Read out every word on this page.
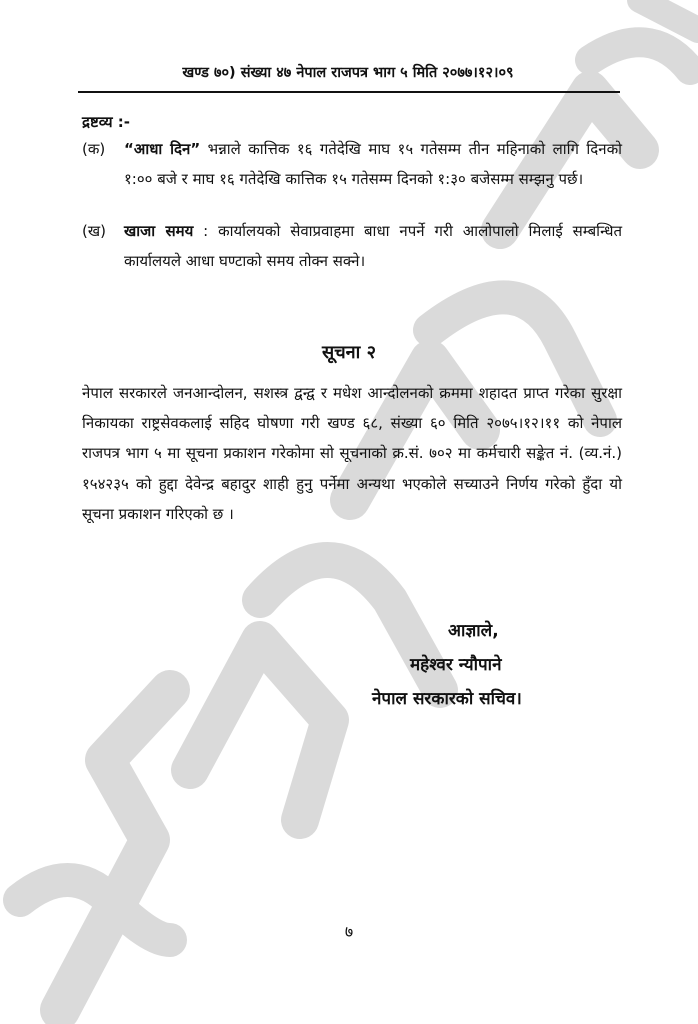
खण्ड ७०) संख्या ४७ नेपाल राजपत्र भाग ५ मिति २०७७।१२।०९
द्रष्टव्य :-
(क)	“आधा दिन” भन्नाले कात्तिक १६ गतेदेखि माघ १५ गतेसम्म तीन महिनाको लागि दिनको १:०० बजे र माघ १६ गतेदेखि कात्तिक १५ गतेसम्म दिनको १:३० बजेसम्म सम्झनु पर्छ।
(ख)	खाजा समय : कार्यालयको सेवाप्रवाहमा बाधा नपर्ने गरी आलोपालो मिलाई सम्बन्धित कार्यालयले आधा घण्टाको समय तोक्न सक्ने।
सूचना २
नेपाल सरकारले जनआन्दोलन, सशस्त्र द्वन्द्व र मधेश आन्दोलनको क्रममा शहादत प्राप्त गरेका सुरक्षा निकायका राष्ट्रसेवकलाई सहिद घोषणा गरी खण्ड ६८, संख्या ६० मिति २०७५।१२।११ को नेपाल राजपत्र भाग ५ मा सूचना प्रकाशन गरेकोमा सो सूचनाको क्र.सं. ७०२ मा कर्मचारी सङ्केत नं. (व्य.नं.) १५४२३५ को हुद्दा देवेन्द्र बहादुर शाही हुनु पर्नेमा अन्यथा भएकोले सच्याउने निर्णय गरेको हुँदा यो सूचना प्रकाशन गरिएको छ ।
आज्ञाले,
महेश्वर न्यौपाने
नेपाल सरकारको सचिव।
७
